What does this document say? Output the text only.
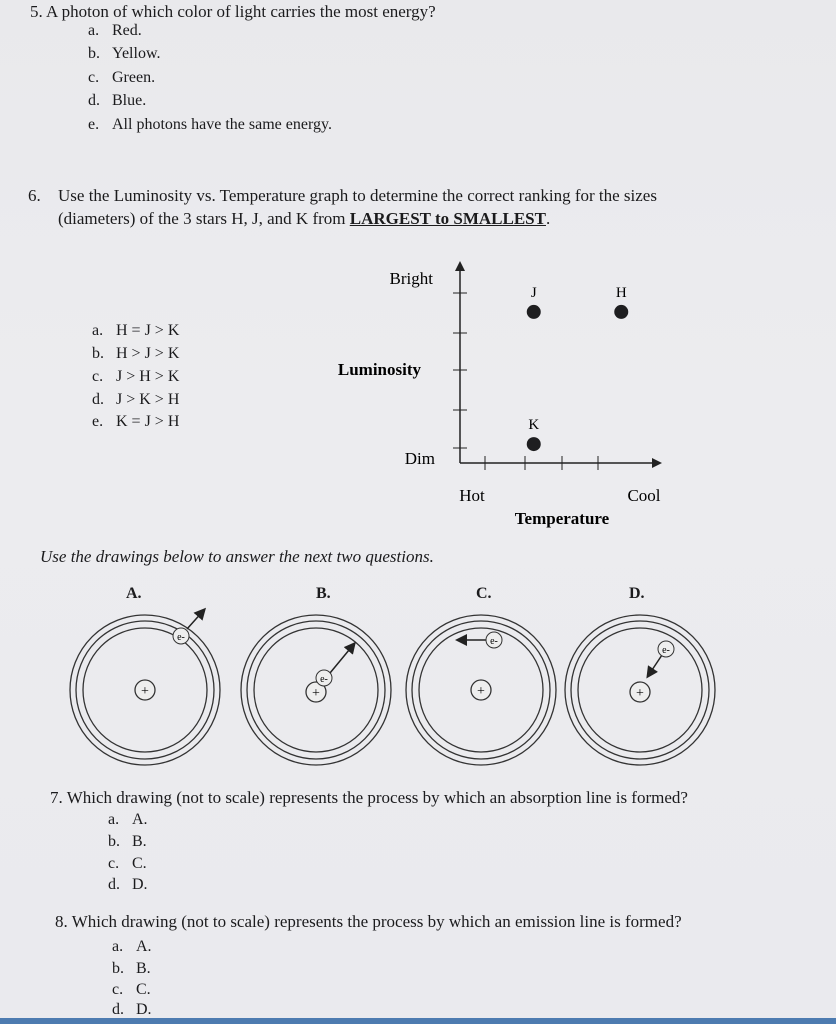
5. A photon of which color of light carries the most energy?
a. Red.
b. Yellow.
c. Green.
d. Blue.
e. All photons have the same energy.
6. Use the Luminosity vs. Temperature graph to determine the correct ranking for the sizes
(diameters) of the 3 stars H, J, and K from LARGEST to SMALLEST.
a. H = J > K
b. H > J > K
c. J > H > K
d. J > K > H
e. K = J > H
Bright
Luminosity
Dim
Hot	Cool
Temperature
J	H
K
Use the drawings below to answer the next two questions.
A.	B.	C.	D.
+
e-
+
e-
+
e-
+
e-
7. Which drawing (not to scale) represents the process by which an absorption line is formed?
a. A.
b. B.
c. C.
d. D.
8. Which drawing (not to scale) represents the process by which an emission line is formed?
a. A.
b. B.
c. C.
d. D.
